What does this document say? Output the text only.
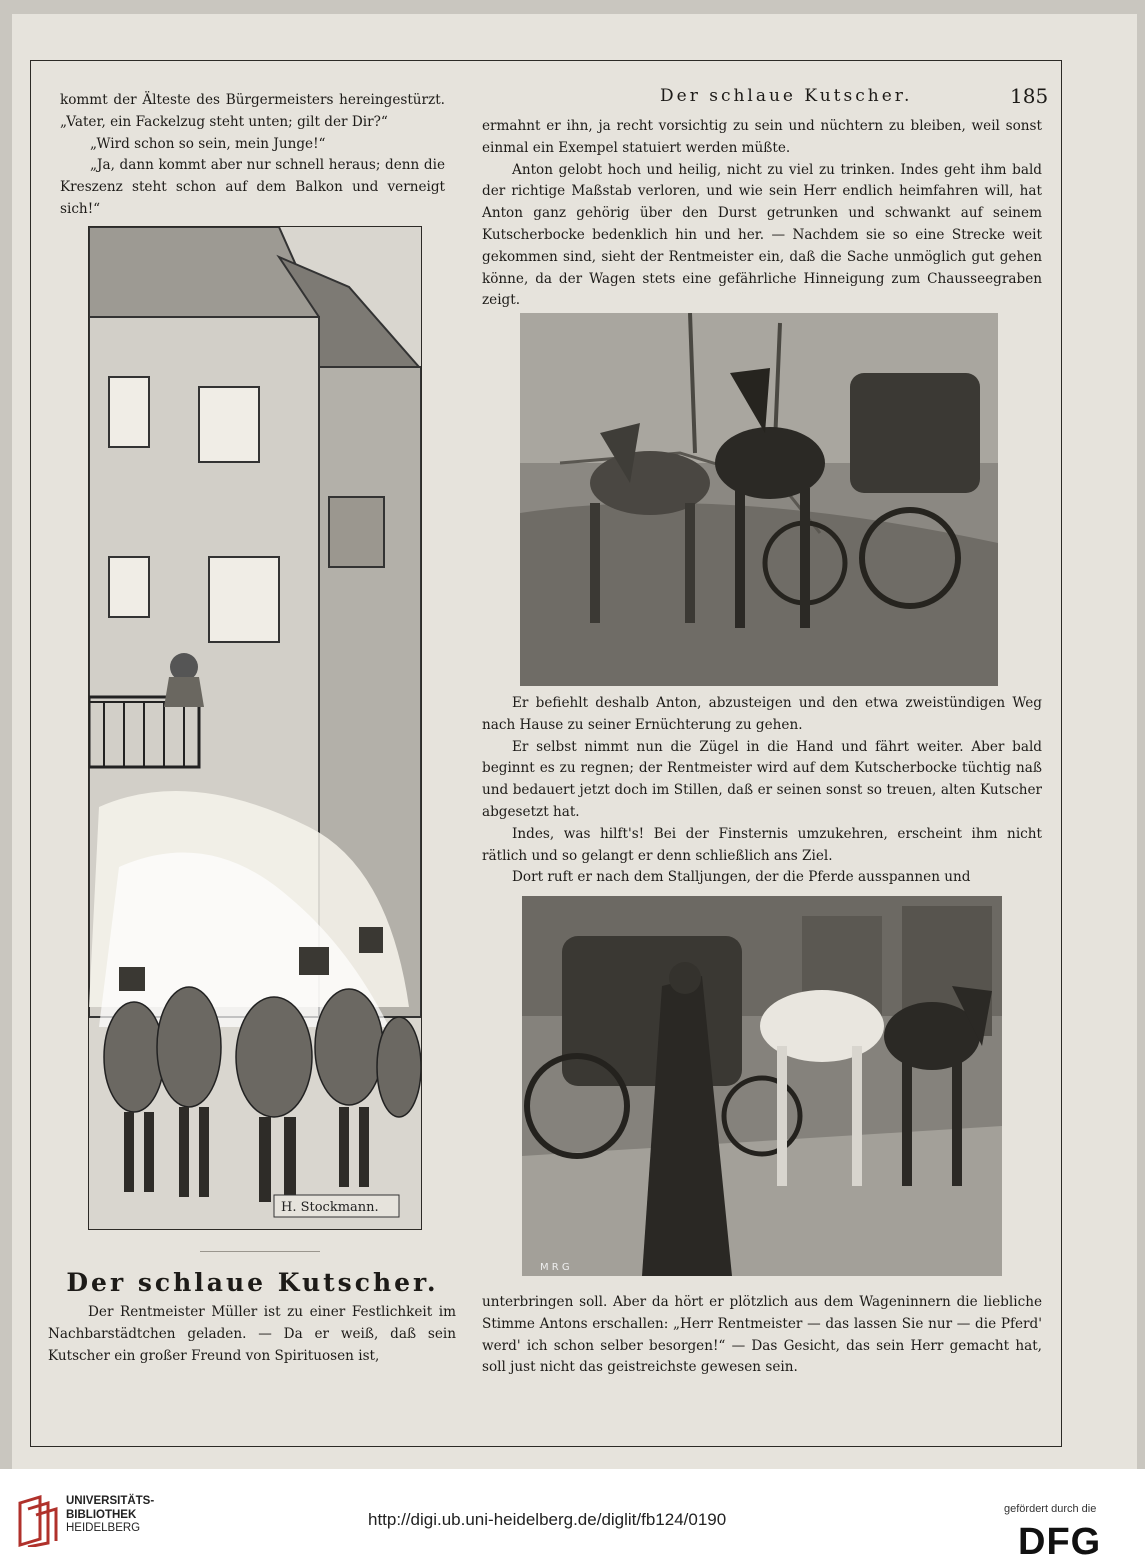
Der schlaue Kutscher.	185

kommt der Älteste des Bürgermeisters hereingestürzt. „Vater, ein Fackelzug steht unten; gilt der Dir?“

„Wird schon so sein, mein Junge!“

„Ja, dann kommt aber nur schnell heraus; denn die Kreszenz steht schon auf dem Balkon und verneigt sich!“

H. Stockmann.
Der schlaue Kutscher.

Der Rentmeister Müller ist zu einer Festlichkeit im Nachbarstädtchen geladen. — Da er weiß, daß sein Kutscher ein großer Freund von Spirituosen ist,

ermahnt er ihn, ja recht vorsichtig zu sein und nüchtern zu bleiben, weil sonst einmal ein Exempel statuiert werden müßte.

Anton gelobt hoch und heilig, nicht zu viel zu trinken. Indes geht ihm bald der richtige Maßstab verloren, und wie sein Herr endlich heimfahren will, hat Anton ganz gehörig über den Durst getrunken und schwankt auf seinem Kutscherbocke bedenklich hin und her. — Nachdem sie so eine Strecke weit gekommen sind, sieht der Rentmeister ein, daß die Sache unmöglich gut gehen könne, da der Wagen stets eine gefährliche Hinneigung zum Chausseegraben zeigt.

Er befiehlt deshalb Anton, abzusteigen und den etwa zweistündigen Weg nach Hause zu seiner Ernüchterung zu gehen.

Er selbst nimmt nun die Zügel in die Hand und fährt weiter. Aber bald beginnt es zu regnen; der Rentmeister wird auf dem Kutscherbocke tüchtig naß und bedauert jetzt doch im Stillen, daß er seinen sonst so treuen, alten Kutscher abgesetzt hat.

Indes, was hilft's! Bei der Finsternis umzukehren, erscheint ihm nicht rätlich und so gelangt er denn schließlich ans Ziel.

Dort ruft er nach dem Stalljungen, der die Pferde ausspannen und

M R G

unterbringen soll. Aber da hört er plötzlich aus dem Wageninnern die liebliche Stimme Antons erschallen: „Herr Rentmeister — das lassen Sie nur — die Pferd' werd' ich schon selber besorgen!“ — Das Gesicht, das sein Herr gemacht hat, soll just nicht das geistreichste gewesen sein.

UNIVERSITÄTS-
BIBLIOTHEK
HEIDELBERG	http://digi.ub.uni-heidelberg.de/diglit/fb124/0190
gefördert durch die
DFG
